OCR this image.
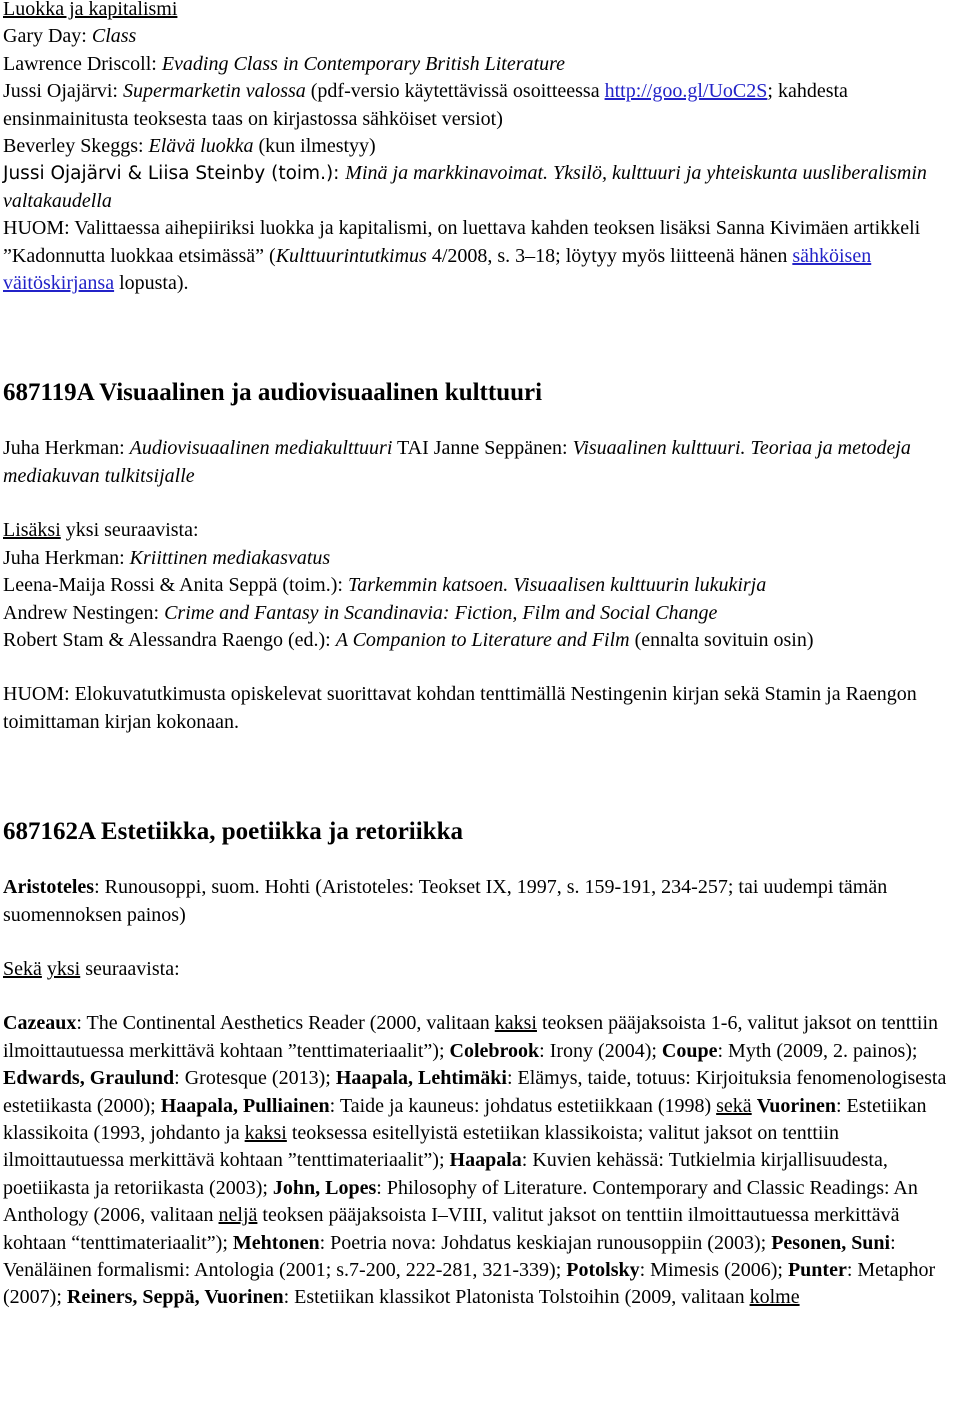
Luokka ja kapitalismi

Gary Day: Class

Lawrence Driscoll: Evading Class in Contemporary British Literature

Jussi Ojajärvi: Supermarketin valossa (pdf-versio käytettävissä osoitteessa http://goo.gl/UoC2S; kahdesta ensinmainitusta teoksesta taas on kirjastossa sähköiset versiot)

Beverley Skeggs: Elävä luokka (kun ilmestyy)

Jussi Ojajärvi & Liisa Steinby (toim.): Minä ja markkinavoimat. Yksilö, kulttuuri ja yhteiskunta uusliberalismin valtakaudella

HUOM: Valittaessa aihepiiriksi luokka ja kapitalismi, on luettava kahden teoksen lisäksi Sanna Kivimäen artikkeli ”Kadonnutta luokkaa etsimässä” (Kulttuurintutkimus 4/2008, s. 3‒18; löytyy myös liitteenä hänen sähköisen väitöskirjansa lopusta).

687119A Visuaalinen ja audiovisuaalinen kulttuuri

Juha Herkman: Audiovisuaalinen mediakulttuuri TAI Janne Seppänen: Visuaalinen kulttuuri. Teoriaa ja metodeja mediakuvan tulkitsijalle

Lisäksi yksi seuraavista:

Juha Herkman: Kriittinen mediakasvatus

Leena-Maija Rossi & Anita Seppä (toim.): Tarkemmin katsoen. Visuaalisen kulttuurin lukukirja

Andrew Nestingen: Crime and Fantasy in Scandinavia: Fiction, Film and Social Change

Robert Stam & Alessandra Raengo (ed.): A Companion to Literature and Film (ennalta sovituin osin)

HUOM: Elokuvatutkimusta opiskelevat suorittavat kohdan tenttimällä Nestingenin kirjan sekä Stamin ja Raengon toimittaman kirjan kokonaan.

687162A Estetiikka, poetiikka ja retoriikka

Aristoteles: Runousoppi, suom. Hohti (Aristoteles: Teokset IX, 1997, s. 159-191, 234-257; tai uudempi tämän suomennoksen painos)

Sekä yksi seuraavista:

Cazeaux: The Continental Aesthetics Reader (2000, valitaan kaksi teoksen pääjaksoista 1-6, valitut jaksot on tenttiin ilmoittautuessa merkittävä kohtaan ”tenttimateriaalit”); Colebrook: Irony (2004); Coupe: Myth (2009, 2. painos); Edwards, Graulund: Grotesque (2013); Haapala, Lehtimäki: Elämys, taide, totuus: Kirjoituksia fenomenologisesta estetiikasta (2000); Haapala, Pulliainen: Taide ja kauneus: johdatus estetiikkaan (1998) sekä Vuorinen: Estetiikan klassikoita (1993, johdanto ja kaksi teoksessa esitellyistä estetiikan klassikoista; valitut jaksot on tenttiin ilmoittautuessa merkittävä kohtaan ”tenttimateriaalit”); Haapala: Kuvien kehässä: Tutkielmia kirjallisuudesta, poetiikasta ja retoriikasta (2003); John, Lopes: Philosophy of Literature. Contemporary and Classic Readings: An Anthology (2006, valitaan neljä teoksen pääjaksoista I–VIII, valitut jaksot on tenttiin ilmoittautuessa merkittävä kohtaan “tenttimateriaalit”); Mehtonen: Poetria nova: Johdatus keskiajan runousoppiin (2003); Pesonen, Suni: Venäläinen formalismi: Antologia (2001; s.7-200, 222-281, 321-339); Potolsky: Mimesis (2006); Punter: Metaphor (2007); Reiners, Seppä, Vuorinen: Estetiikan klassikot Platonista Tolstoihin (2009, valitaan kolme
